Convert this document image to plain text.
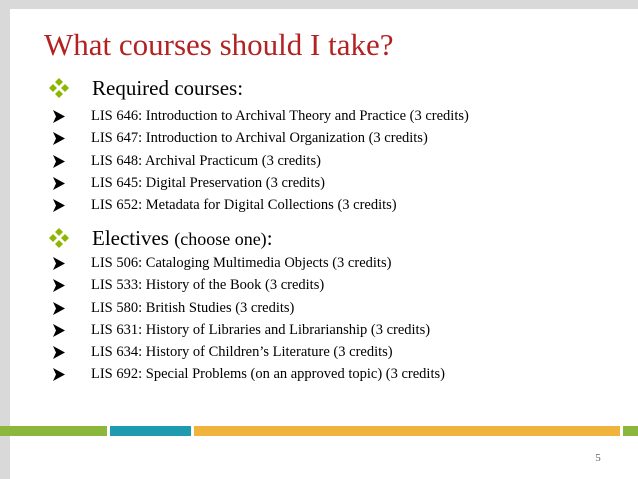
What courses should I take?
Required courses:
LIS 646: Introduction to Archival Theory and Practice (3 credits)
LIS 647: Introduction to Archival Organization (3 credits)
LIS 648: Archival Practicum (3 credits)
LIS 645: Digital Preservation (3 credits)
LIS 652: Metadata for Digital Collections (3 credits)
Electives (choose one):
LIS 506: Cataloging Multimedia Objects (3 credits)
LIS 533: History of the Book (3 credits)
LIS 580: British Studies (3 credits)
LIS 631: History of Libraries and Librarianship (3 credits)
LIS 634: History of Children’s Literature (3 credits)
LIS 692: Special Problems (on an approved topic) (3 credits)
5
